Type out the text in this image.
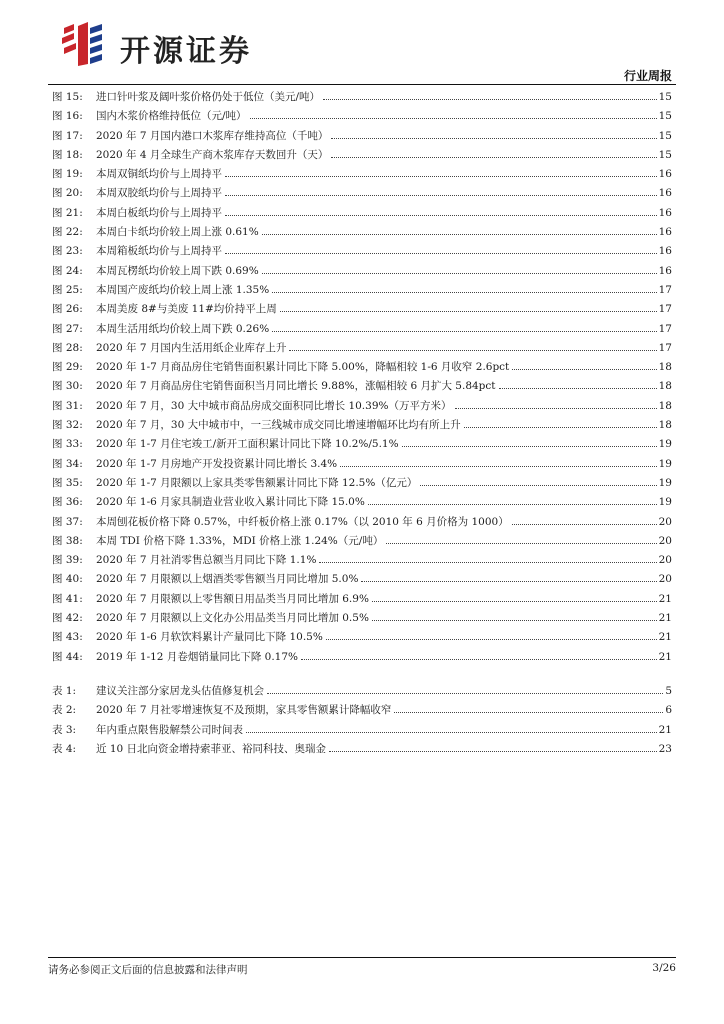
开源证券
行业周报
图 15:	进口针叶浆及阔叶浆价格仍处于低位（美元/吨）	15
图 16:	国内木浆价格维持低位（元/吨）	15
图 17:	2020 年 7 月国内港口木浆库存维持高位（千吨）	15
图 18:	2020 年 4 月全球生产商木浆库存天数回升（天）	15
图 19:	本周双铜纸均价与上周持平	16
图 20:	本周双胶纸均价与上周持平	16
图 21:	本周白板纸均价与上周持平	16
图 22:	本周白卡纸均价较上周上涨 0.61%	16
图 23:	本周箱板纸均价与上周持平	16
图 24:	本周瓦楞纸均价较上周下跌 0.69%	16
图 25:	本周国产废纸均价较上周上涨 1.35%	17
图 26:	本周美废 8#与美废 11#均价持平上周	17
图 27:	本周生活用纸均价较上周下跌 0.26%	17
图 28:	2020 年 7 月国内生活用纸企业库存上升	17
图 29:	2020 年 1-7 月商品房住宅销售面积累计同比下降 5.00%，降幅相较 1-6 月收窄 2.6pct	18
图 30:	2020 年 7 月商品房住宅销售面积当月同比增长 9.88%，涨幅相较 6 月扩大 5.84pct	18
图 31:	2020 年 7 月，30 大中城市商品房成交面积同比增长 10.39%（万平方米）	18
图 32:	2020 年 7 月，30 大中城市中，一三线城市成交同比增速增幅环比均有所上升	18
图 33:	2020 年 1-7 月住宅竣工/新开工面积累计同比下降 10.2%/5.1%	19
图 34:	2020 年 1-7 月房地产开发投资累计同比增长 3.4%	19
图 35:	2020 年 1-7 月限额以上家具类零售额累计同比下降 12.5%（亿元）	19
图 36:	2020 年 1-6 月家具制造业营业收入累计同比下降 15.0%	19
图 37:	本周刨花板价格下降 0.57%，中纤板价格上涨 0.17%（以 2010 年 6 月价格为 1000）	20
图 38:	本周 TDI 价格下降 1.33%，MDI 价格上涨 1.24%（元/吨）	20
图 39:	2020 年 7 月社消零售总额当月同比下降 1.1%	20
图 40:	2020 年 7 月限额以上烟酒类零售额当月同比增加 5.0%	20
图 41:	2020 年 7 月限额以上零售额日用品类当月同比增加 6.9%	21
图 42:	2020 年 7 月限额以上文化办公用品类当月同比增加 0.5%	21
图 43:	2020 年 1-6 月软饮料累计产量同比下降 10.5%	21
图 44:	2019 年 1-12 月卷烟销量同比下降 0.17%	21
表 1:	建议关注部分家居龙头估值修复机会	5
表 2:	2020 年 7 月社零增速恢复不及预期，家具零售额累计降幅收窄	6
表 3:	年内重点限售股解禁公司时间表	21
表 4:	近 10 日北向资金增持索菲亚、裕同科技、奥瑞金	23
请务必参阅正文后面的信息披露和法律声明	3/26
